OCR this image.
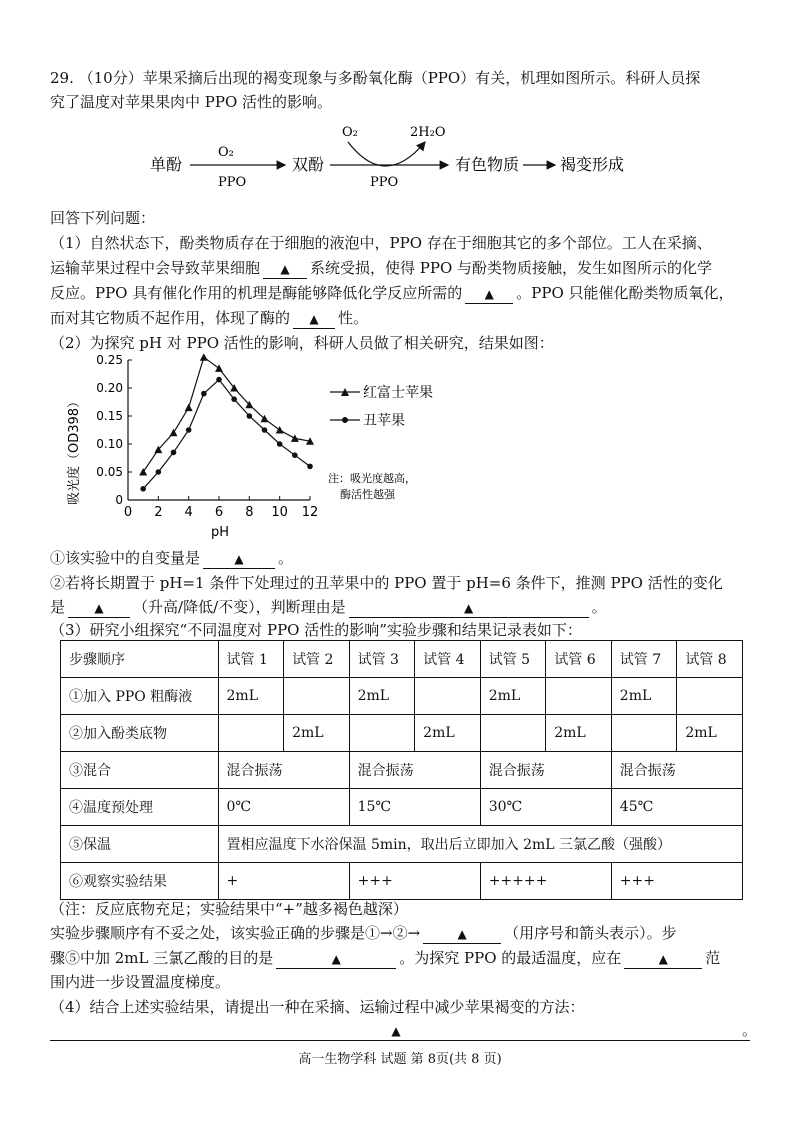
29. （10分）苹果采摘后出现的褐变现象与多酚氧化酶（PPO）有关，机理如图所示。科研人员探
究了温度对苹果果肉中 PPO 活性的影响。
单酚
O₂
PPO
双酚
O₂	2H₂O
PPO
有色物质	褐变形成
回答下列问题：
（1）自然状态下，酚类物质存在于细胞的液泡中，PPO 存在于细胞其它的多个部位。工人在采摘、
运输苹果过程中会导致苹果细胞 ▲ 系统受损，使得 PPO 与酚类物质接触，发生如图所示的化学
反应。PPO 具有催化作用的机理是酶能够降低化学反应所需的 ▲ 。PPO 只能催化酚类物质氧化，
而对其它物质不起作用，体现了酶的 ▲ 性。
（2）为探究 pH 对 PPO 活性的影响，科研人员做了相关研究，结果如图：
0 2 4 6 8 10 12
0
0.05
0.10
0.15
0.20
0.25
吸光度（OD398）
pH
红富士苹果
丑苹果
注：吸光度越高，
酶活性越强
①该实验中的自变量是	▲ 。
②若将长期置于 pH=1 条件下处理过的丑苹果中的 PPO 置于 pH=6 条件下，推测 PPO 活性的变化
是 ▲ （升高/降低/不变），判断理由是	▲	。
（3）研究小组探究“不同温度对 PPO 活性的影响”实验步骤和结果记录表如下：
步骤顺序	试管 1	试管 2	试管 3	试管 4	试管 5	试管 6	试管 7	试管 8
①加入 PPO 粗酶液	2mL		2mL		2mL		2mL	
②加入酚类底物		2mL		2mL		2mL		2mL
③混合	混合振荡		混合振荡		混合振荡		混合振荡	
④温度预处理	0℃		15℃		30℃		45℃	
⑤保温	置相应温度下水浴保温 5min，取出后立即加入 2mL 三氯乙酸（强酸）							
⑥观察实验结果	+		+++		+++++		+++	
（注：反应底物充足；实验结果中“+”越多褐色越深）
实验步骤顺序有不妥之处，该实验正确的步骤是①→②→	▲ （用序号和箭头表示）。步
骤⑤中加 2mL 三氯乙酸的目的是	▲	。为探究 PPO 的最适温度，应在	▲ 范
围内进一步设置温度梯度。
（4）结合上述实验结果，请提出一种在采摘、运输过程中减少苹果褐变的方法：
▲	。
高一生物学科 试题 第 8页(共 8 页)
